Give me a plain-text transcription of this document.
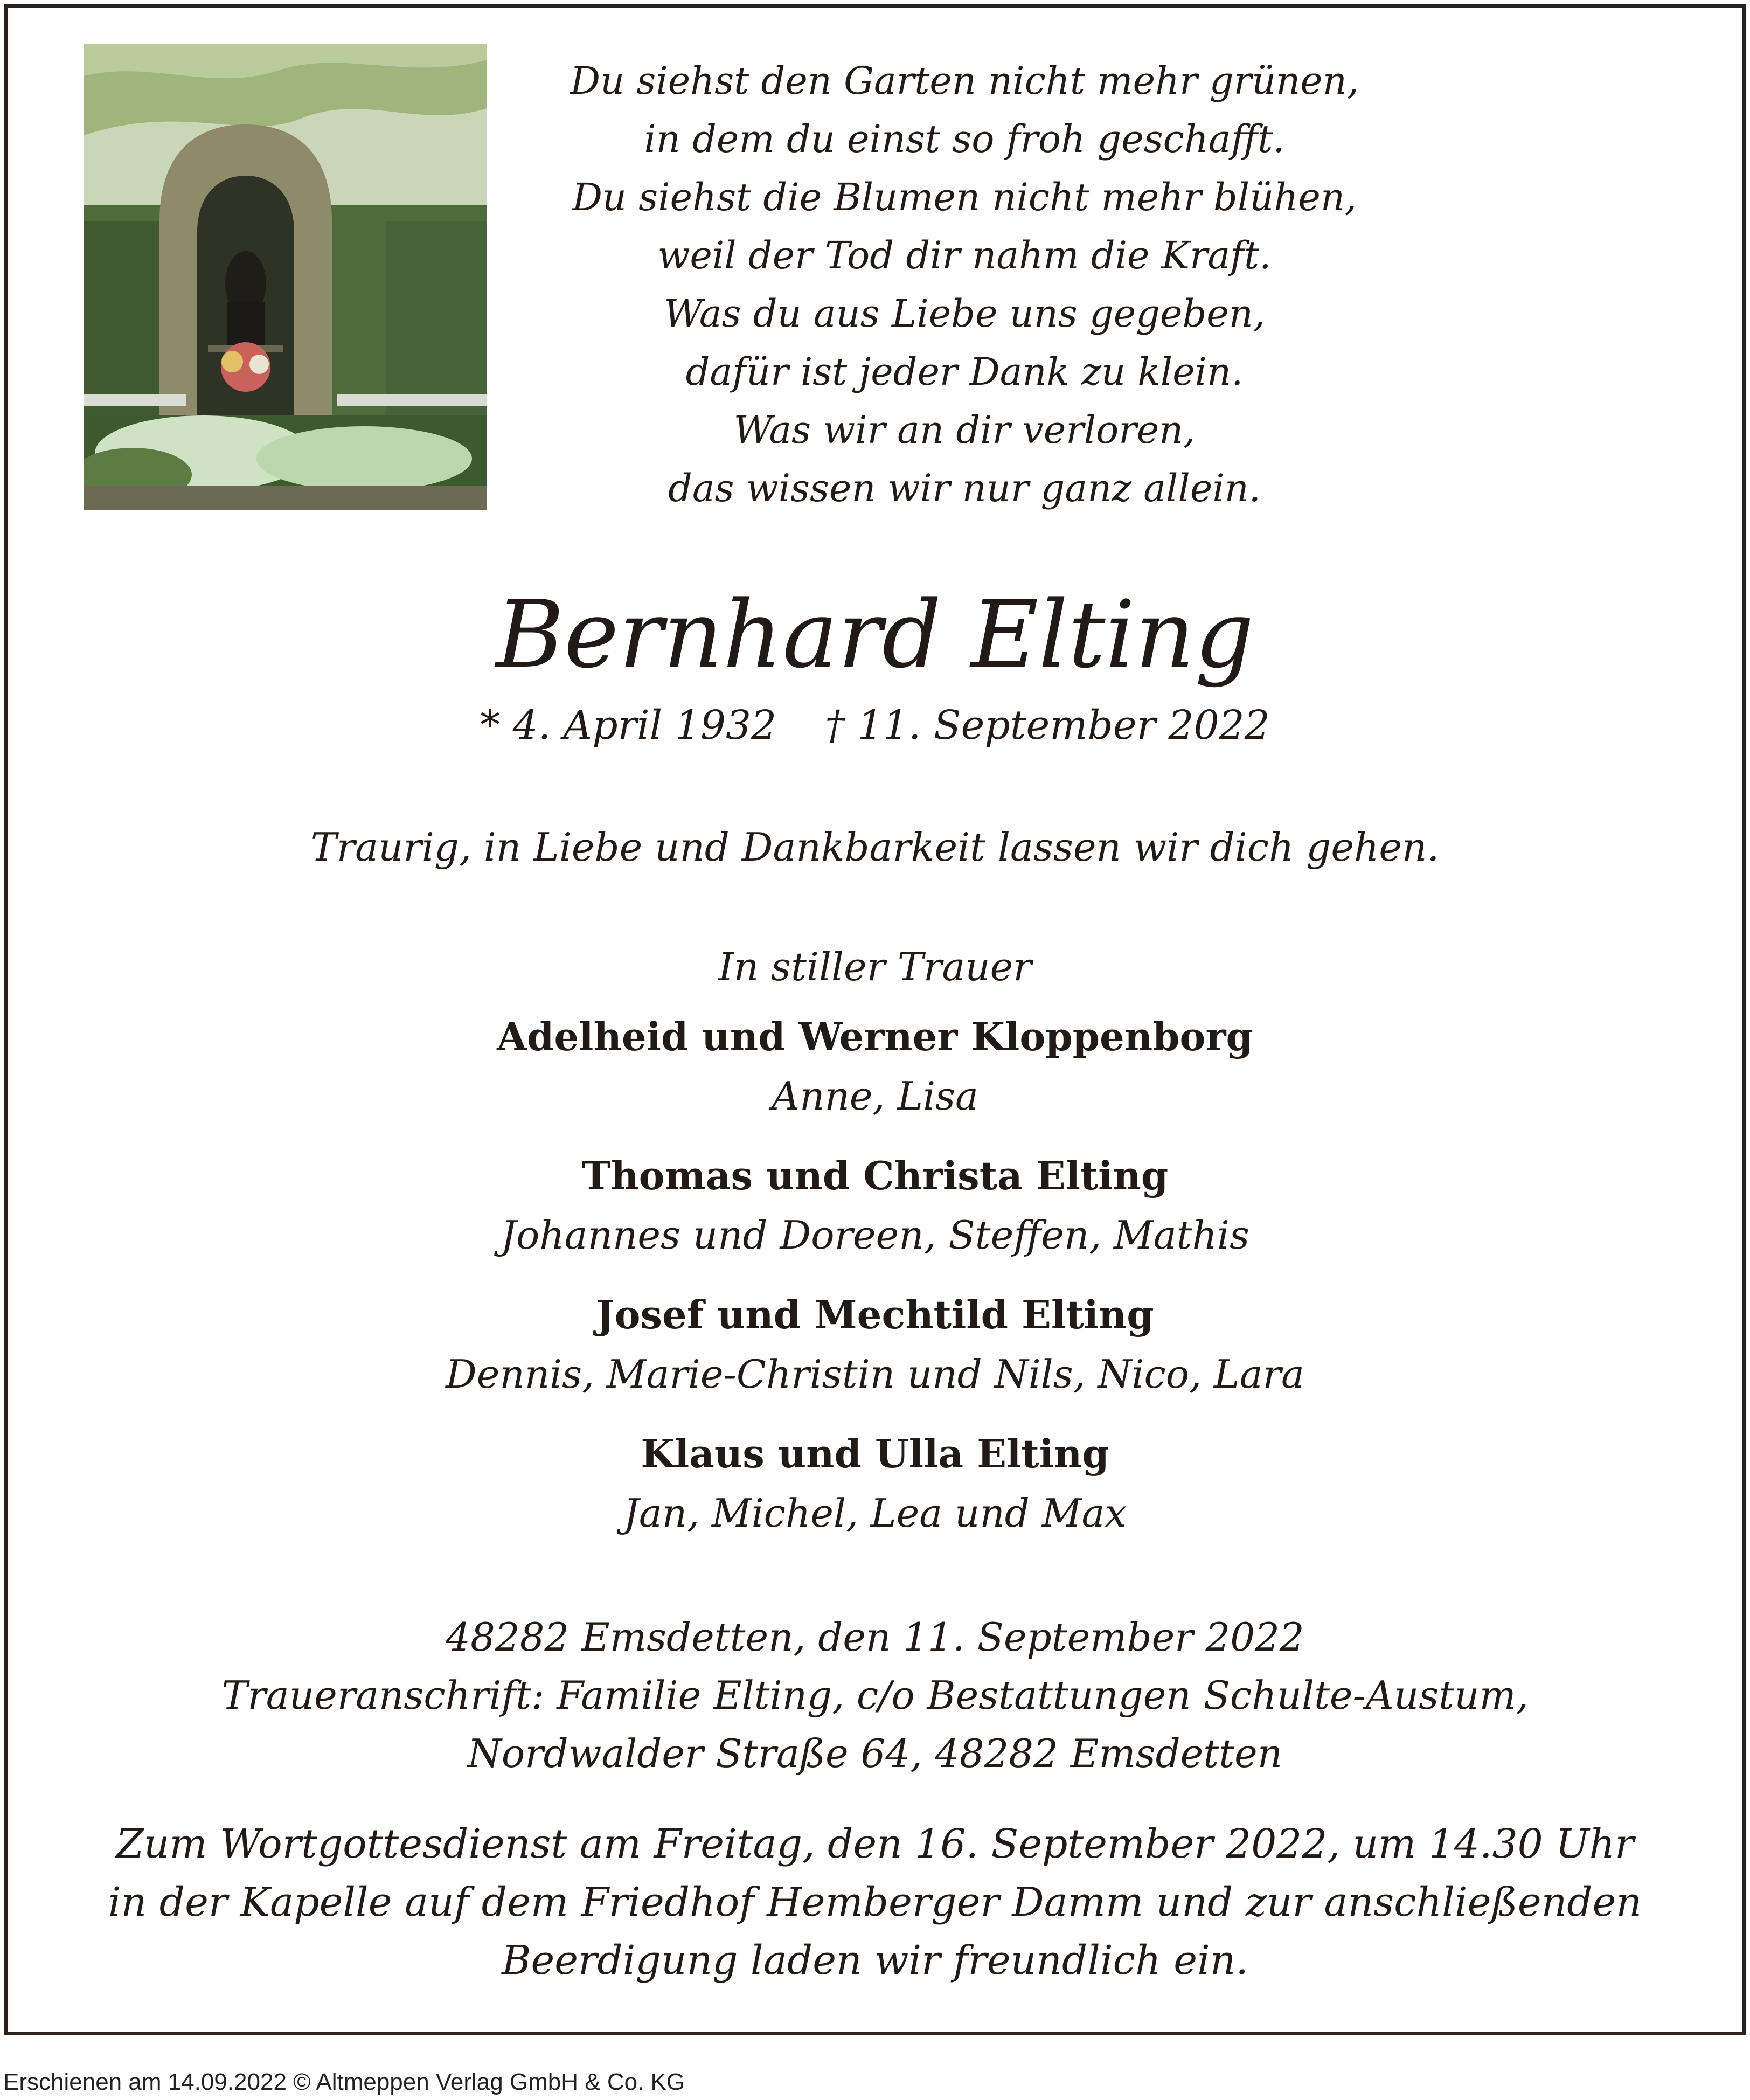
Du siehst den Garten nicht mehr grünen,
in dem du einst so froh geschafft.
Du siehst die Blumen nicht mehr blühen,
weil der Tod dir nahm die Kraft.
Was du aus Liebe uns gegeben,
dafür ist jeder Dank zu klein.
Was wir an dir verloren,
das wissen wir nur ganz allein.
Bernhard Elting
* 4. April 1932 † 11. September 2022
Traurig, in Liebe und Dankbarkeit lassen wir dich gehen.
In stiller Trauer
Adelheid und Werner Kloppenborg
Anne, Lisa
Thomas und Christa Elting
Johannes und Doreen, Steffen, Mathis
Josef und Mechtild Elting
Dennis, Marie-Christin und Nils, Nico, Lara
Klaus und Ulla Elting
Jan, Michel, Lea und Max
48282 Emsdetten, den 11. September 2022
Traueranschrift: Familie Elting, c/o Bestattungen Schulte-Austum,
Nordwalder Straße 64, 48282 Emsdetten
Zum Wortgottesdienst am Freitag, den 16. September 2022, um 14.30 Uhr
in der Kapelle auf dem Friedhof Hemberger Damm und zur anschließenden
Beerdigung laden wir freundlich ein.
Erschienen am 14.09.2022 © Altmeppen Verlag GmbH & Co. KG
